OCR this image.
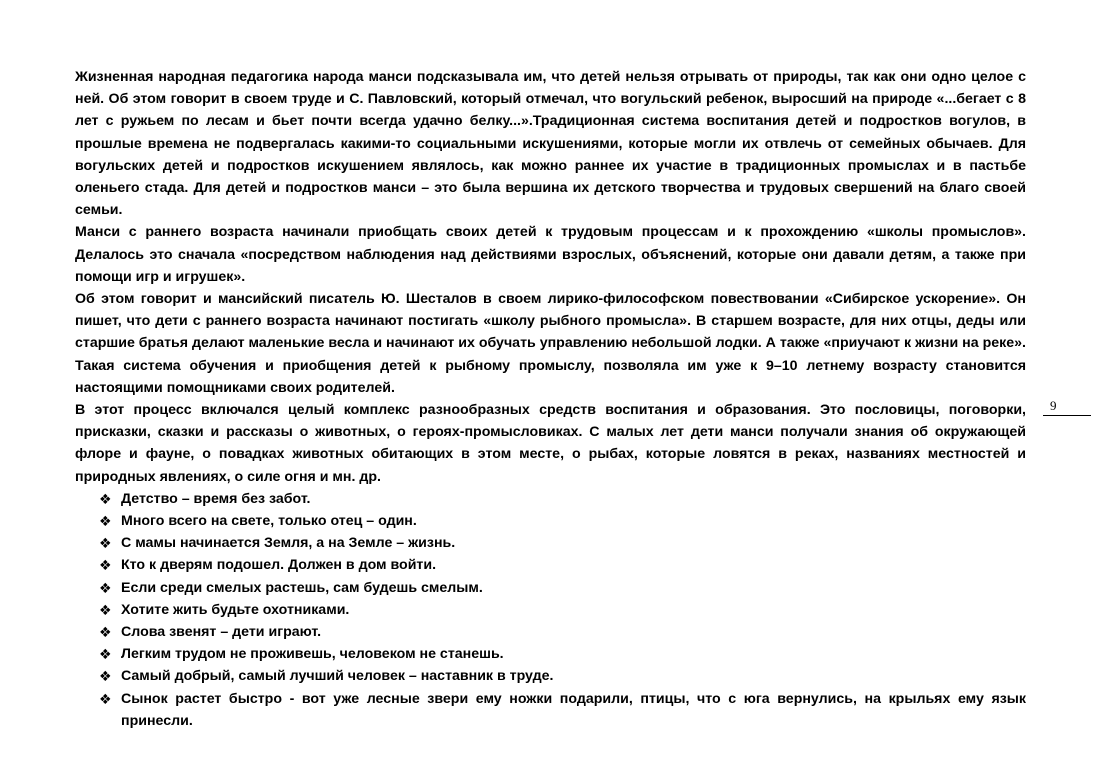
Жизненная народная педагогика народа манси подсказывала им, что детей нельзя отрывать от природы, так как они одно целое с ней. Об этом говорит в своем труде и С. Павловский, который отмечал, что вогульский ребенок, выросший на природе «...бегает с 8 лет с ружьем по лесам и бьет почти всегда удачно белку...».Традиционная система воспитания детей и подростков вогулов, в прошлые времена не подвергалась какими-то социальными искушениями, которые могли их отвлечь от семейных обычаев. Для вогульских детей и подростков искушением являлось, как можно раннее их участие в традиционных промыслах и в пастьбе оленьего стада. Для детей и подростков манси – это была вершина их детского творчества и трудовых свершений на благо своей семьи.

Манси с раннего возраста начинали приобщать своих детей к трудовым процессам и к прохождению «школы промыслов». Делалось это сначала «посредством наблюдения над действиями взрослых, объяснений, которые они давали детям, а также при помощи игр и игрушек».

Об этом говорит и мансийский писатель Ю. Шесталов в своем лирико-философском повествовании «Сибирское ускорение». Он пишет, что дети с раннего возраста начинают постигать «школу рыбного промысла». В старшем возрасте, для них отцы, деды или старшие братья делают маленькие весла и начинают их обучать управлению небольшой лодки. А также «приучают к жизни на реке». Такая система обучения и приобщения детей к рыбному промыслу, позволяла им уже к 9–10 летнему возрасту становится настоящими помощниками своих родителей.

В этот процесс включался целый комплекс разнообразных средств воспитания и образования. Это пословицы, поговорки, присказки, сказки и рассказы о животных, о героях-промысловиках. С малых лет дети манси получали знания об окружающей флоре и фауне, о повадках животных обитающих в этом месте, о рыбах, которые ловятся в реках, названиях местностей и природных явлениях, о силе огня и мн. др.

❖ Детство – время без забот.
❖ Много всего на свете, только отец – один.
❖ С мамы начинается Земля, а на Земле – жизнь.
❖ Кто к дверям подошел. Должен в дом войти.
❖ Если среди смелых растешь, сам будешь смелым.
❖ Хотите жить будьте охотниками.
❖ Слова звенят – дети играют.
❖ Легким трудом не проживешь, человеком не станешь.
❖ Самый добрый, самый лучший человек – наставник в труде.
❖ Сынок растет быстро - вот уже лесные звери ему ножки подарили, птицы, что с юга вернулись, на крыльях ему язык принесли.
9
